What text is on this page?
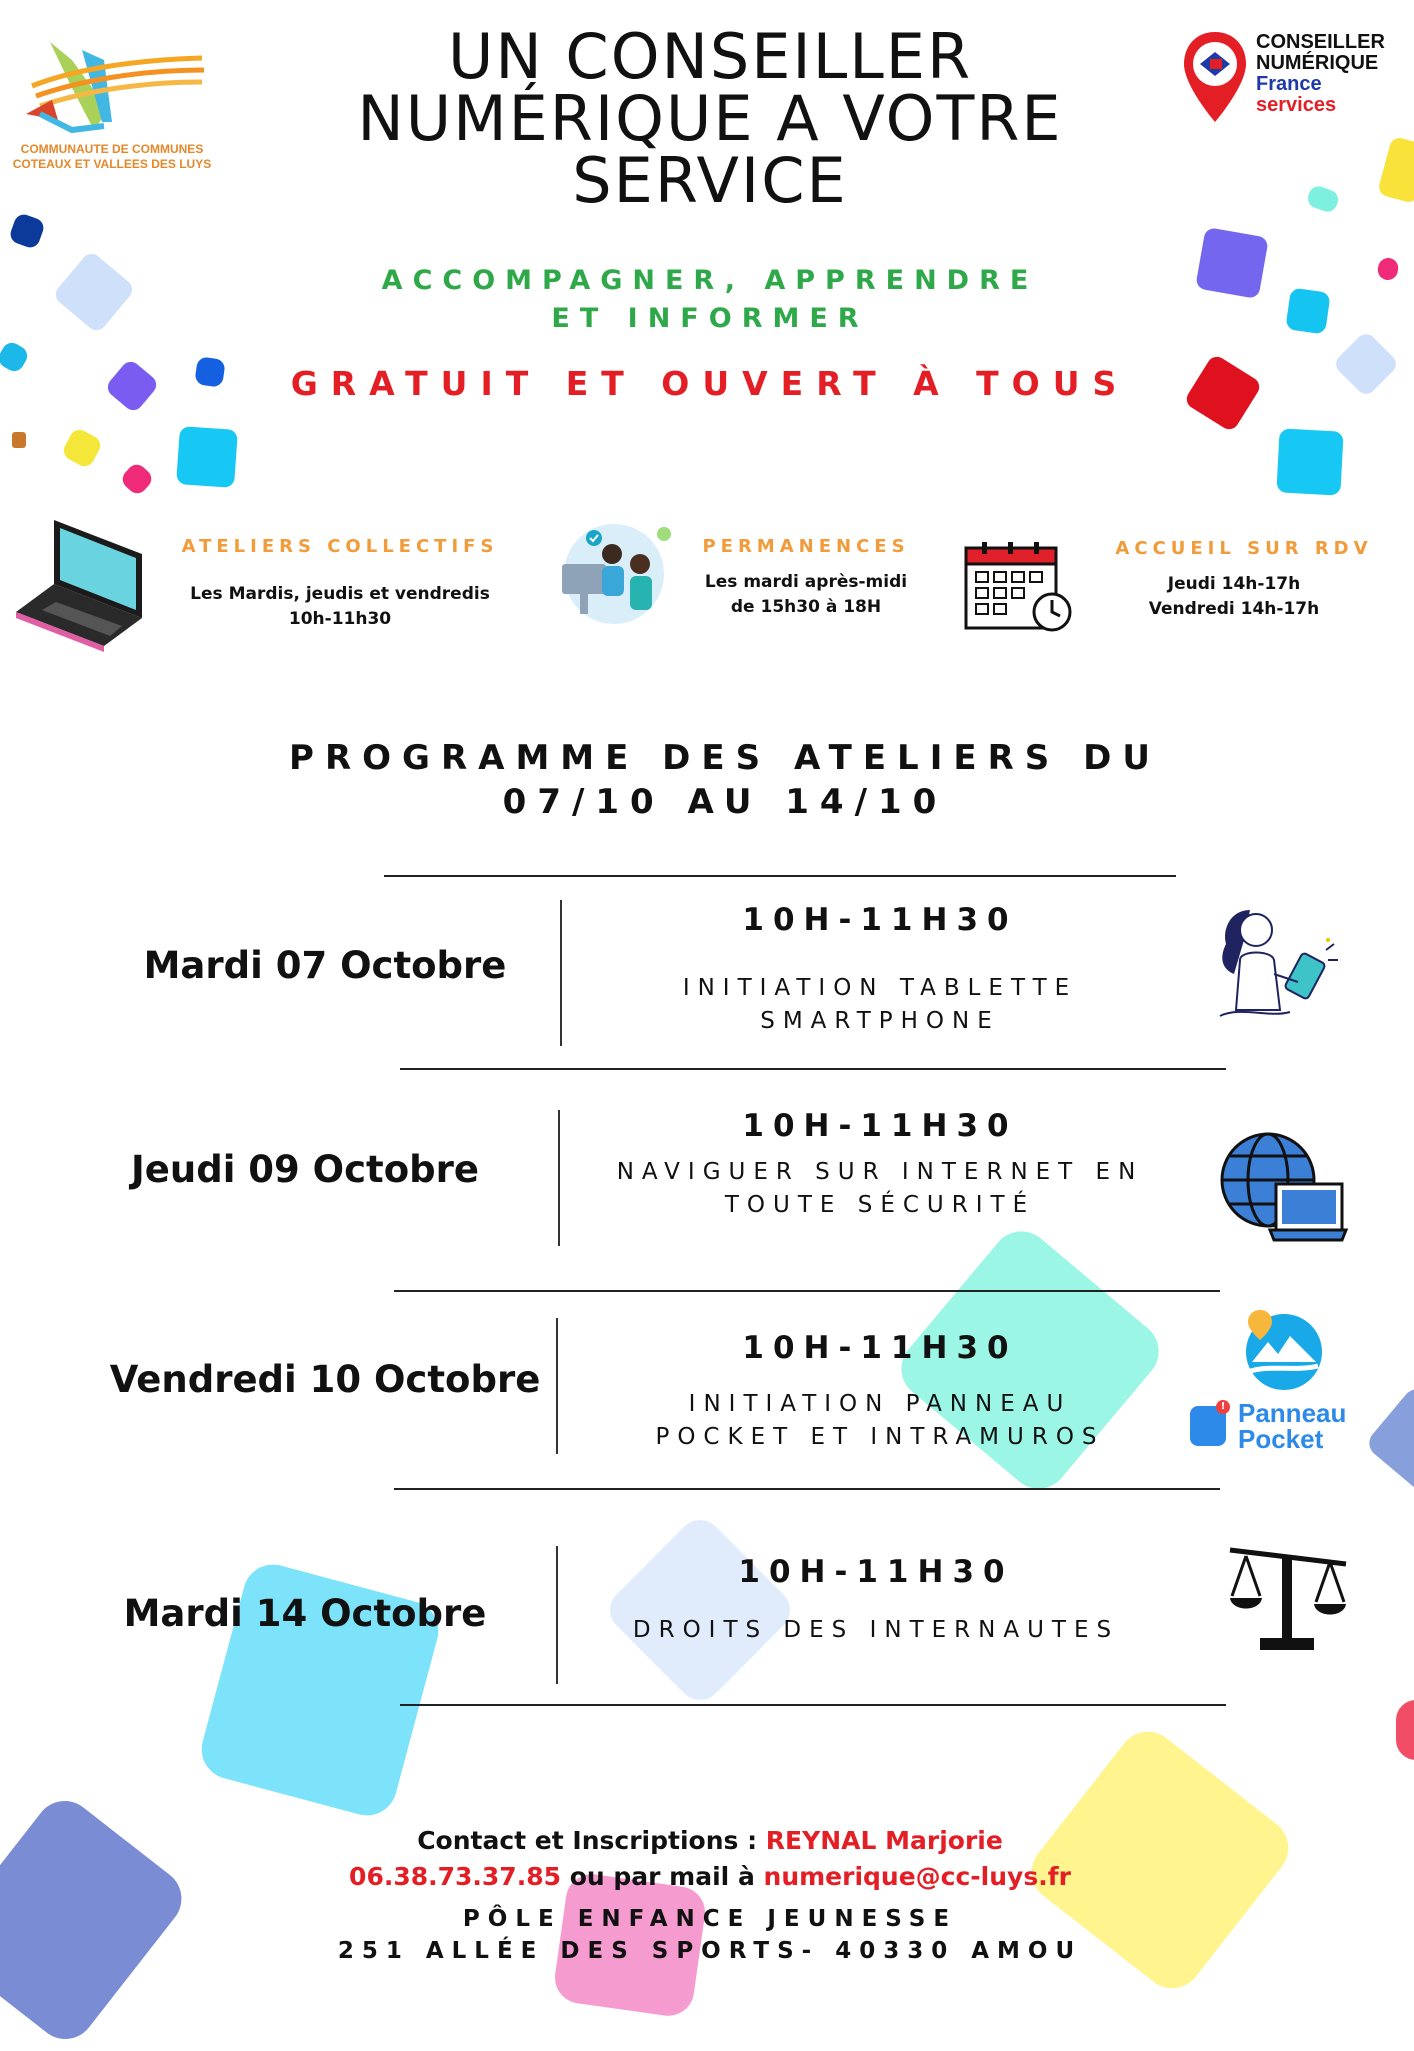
COMMUNAUTE DE COMMUNES
COTEAUX ET VALLEES DES LUYS
CONSEILLER
NUMÉRIQUE
France
services
UN CONSEILLER
NUMÉRIQUE A VOTRE
SERVICE
ACCOMPAGNER, APPRENDRE
ET INFORMER
GRATUIT ET OUVERT À TOUS
ATELIERS COLLECTIFS
Les Mardis, jeudis et vendredis
10h-11h30
PERMANENCES
Les mardi après-midi
de 15h30 à 18H
ACCUEIL SUR RDV
Jeudi 14h-17h
Vendredi 14h-17h
PROGRAMME DES ATELIERS DU
07/10 AU 14/10
Mardi 07 Octobre
10H-11H30
INITIATION TABLETTE
SMARTPHONE
Jeudi 09 Octobre
10H-11H30
NAVIGUER SUR INTERNET EN
TOUTE SÉCURITÉ
Vendredi 10 Octobre
10H-11H30
INITIATION PANNEAU
POCKET ET INTRAMUROS
! Panneau
Pocket
Mardi 14 Octobre
10H-11H30
DROITS DES INTERNAUTES
Contact et Inscriptions : REYNAL Marjorie
06.38.73.37.85 ou par mail à numerique@cc-luys.fr
PÔLE ENFANCE JEUNESSE
251 ALLÉE DES SPORTS- 40330 AMOU
